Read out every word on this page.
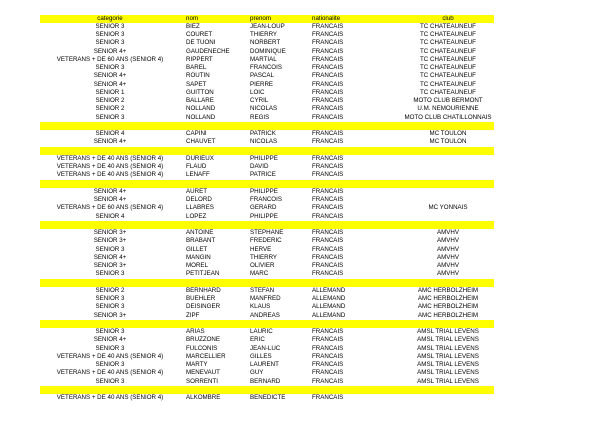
categorie	nom	prenom	nationalite	club
SENIOR 3	BIEZ	JEAN-LOUP	FRANCAIS	TC CHATEAUNEUF
SENIOR 3	COURET	THIERRY	FRANCAIS	TC CHATEAUNEUF
SENIOR 3	DE TUONI	NORBERT	FRANCAIS	TC CHATEAUNEUF
SENIOR 4+	GAUDENECHE	DOMINIQUE	FRANCAIS	TC CHATEAUNEUF
VETERANS + DE 60 ANS (SENIOR 4)	RIPPERT	MARTIAL	FRANCAIS	TC CHATEAUNEUF
SENIOR 3	BAREL	FRANCOIS	FRANCAIS	TC CHATEAUNEUF
SENIOR 4+	ROUTIN	PASCAL	FRANCAIS	TC CHATEAUNEUF
SENIOR 4+	SAPET	PIERRE	FRANCAIS	TC CHATEAUNEUF
SENIOR 1	GUITTON	LOIC	FRANCAIS	TC CHATEAUNEUF
SENIOR 2	BALLARE	CYRIL	FRANCAIS	MOTO CLUB BERMONT
SENIOR 2	NOLLAND	NICOLAS	FRANCAIS	U.M. NEMOURIENNE
SENIOR 3	NOLLAND	REGIS	FRANCAIS	MOTO CLUB CHATILLONNAIS
SENIOR 4	CAPINI	PATRICK	FRANCAIS	MC TOULON
SENIOR 4+	CHAUVET	NICOLAS	FRANCAIS	MC TOULON
VETERANS + DE 40 ANS (SENIOR 4)	DURIEUX	PHILIPPE	FRANCAIS
VETERANS + DE 40 ANS (SENIOR 4)	FLAUD	DAVID	FRANCAIS
VETERANS + DE 40 ANS (SENIOR 4)	LENAFF	PATRICE	FRANCAIS
SENIOR 4+	AURET	PHILIPPE	FRANCAIS
SENIOR 4+	DELORD	FRANCOIS	FRANCAIS
VETERANS + DE 60 ANS (SENIOR 4)	LLABRES	GERARD	FRANCAIS	MC YONNAIS
SENIOR 4	LOPEZ	PHILIPPE	FRANCAIS
SENIOR 3+	ANTOINE	STEPHANE	FRANCAIS	AMVHV
SENIOR 3+	BRABANT	FREDERIC	FRANCAIS	AMVHV
SENIOR 3	GILLET	HERVE	FRANCAIS	AMVHV
SENIOR 4+	MANGIN	THIERRY	FRANCAIS	AMVHV
SENIOR 3+	MOREL	OLIVIER	FRANCAIS	AMVHV
SENIOR 3	PETITJEAN	MARC	FRANCAIS	AMVHV
SENIOR 2	BERNHARD	STEFAN	ALLEMAND	AMC HERBOLZHEIM
SENIOR 3	BUEHLER	MANFRED	ALLEMAND	AMC HERBOLZHEIM
SENIOR 3	DEISINGER	KLAUS	ALLEMAND	AMC HERBOLZHEIM
SENIOR 3+	ZIPF	ANDREAS	ALLEMAND	AMC HERBOLZHEIM
SENIOR 3	ARIAS	LAURIC	FRANCAIS	AMSL TRIAL LEVENS
SENIOR 4+	BRUZZONE	ERIC	FRANCAIS	AMSL TRIAL LEVENS
SENIOR 3	FULCONIS	JEAN-LUC	FRANCAIS	AMSL TRIAL LEVENS
VETERANS + DE 40 ANS (SENIOR 4)	MARCELLIER	GILLES	FRANCAIS	AMSL TRIAL LEVENS
SENIOR 3	MARTY	LAURENT	FRANCAIS	AMSL TRIAL LEVENS
VETERANS + DE 40 ANS (SENIOR 4)	MENEVAUT	GUY	FRANCAIS	AMSL TRIAL LEVENS
SENIOR 3	SORRENTI	BERNARD	FRANCAIS	AMSL TRIAL LEVENS
VETERANS + DE 40 ANS (SENIOR 4)	ALKOMBRE	BENEDICTE	FRANCAIS
